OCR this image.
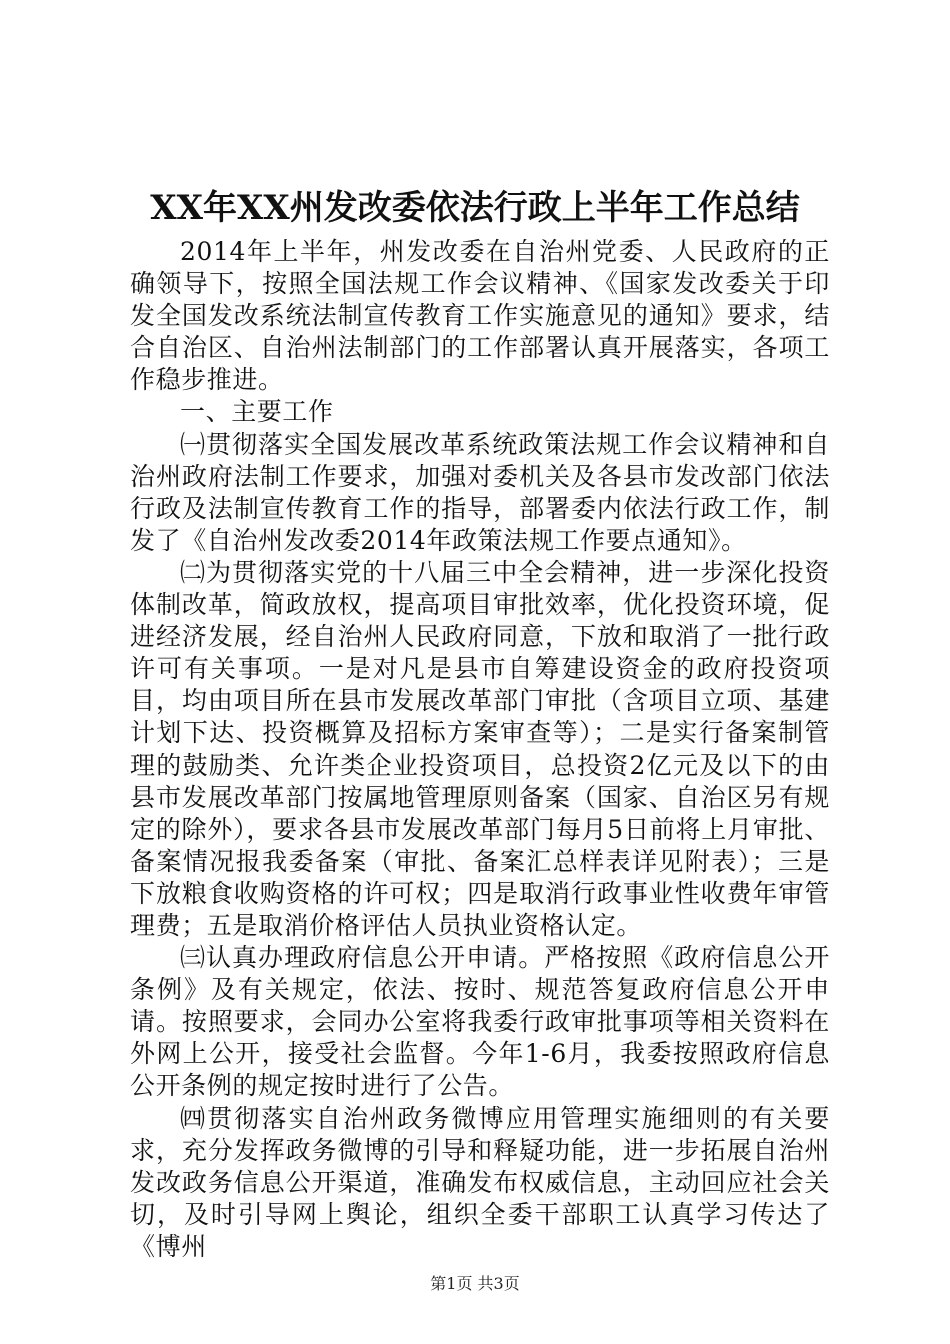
XX年XX州发改委依法行政上半年工作总结

2014年上半年，州发改委在自治州党委、人民政府的正确领导下，按照全国法规工作会议精神、《国家发改委关于印发全国发改系统法制宣传教育工作实施意见的通知》要求，结合自治区、自治州法制部门的工作部署认真开展落实，各项工作稳步推进。

一、主要工作

㈠贯彻落实全国发展改革系统政策法规工作会议精神和自治州政府法制工作要求，加强对委机关及各县市发改部门依法行政及法制宣传教育工作的指导，部署委内依法行政工作，制发了《自治州发改委2014年政策法规工作要点通知》。

㈡为贯彻落实党的十八届三中全会精神，进一步深化投资体制改革，简政放权，提高项目审批效率，优化投资环境，促进经济发展，经自治州人民政府同意，下放和取消了一批行政许可有关事项。一是对凡是县市自筹建设资金的政府投资项目，均由项目所在县市发展改革部门审批（含项目立项、基建计划下达、投资概算及招标方案审查等）；二是实行备案制管理的鼓励类、允许类企业投资项目，总投资2亿元及以下的由县市发展改革部门按属地管理原则备案（国家、自治区另有规定的除外），要求各县市发展改革部门每月5日前将上月审批、备案情况报我委备案（审批、备案汇总样表详见附表）；三是下放粮食收购资格的许可权；四是取消行政事业性收费年审管理费；五是取消价格评估人员执业资格认定。

㈢认真办理政府信息公开申请。严格按照《政府信息公开条例》及有关规定，依法、按时、规范答复政府信息公开申请。按照要求，会同办公室将我委行政审批事项等相关资料在外网上公开，接受社会监督。今年1-6月，我委按照政府信息公开条例的规定按时进行了公告。

㈣贯彻落实自治州政务微博应用管理实施细则的有关要求，充分发挥政务微博的引导和释疑功能，进一步拓展自治州发改政务信息公开渠道，准确发布权威信息，主动回应社会关切，及时引导网上舆论，组织全委干部职工认真学习传达了《博州

第1页 共3页
